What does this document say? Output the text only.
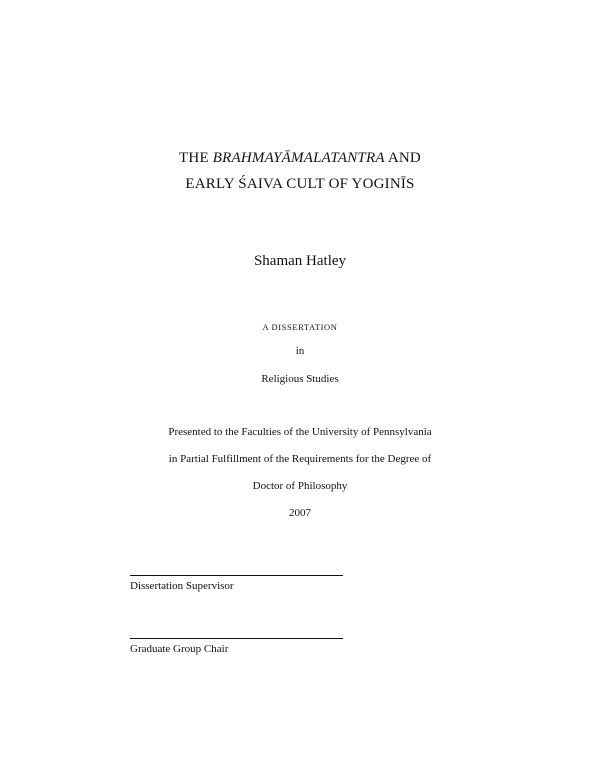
THE BRAHMAYĀMALATANTRA AND
EARLY ŚAIVA CULT OF YOGINĪS
Shaman Hatley
A DISSERTATION
in
Religious Studies
Presented to the Faculties of the University of Pennsylvania
in Partial Fulfillment of the Requirements for the Degree of
Doctor of Philosophy
2007
Dissertation Supervisor
Graduate Group Chair
